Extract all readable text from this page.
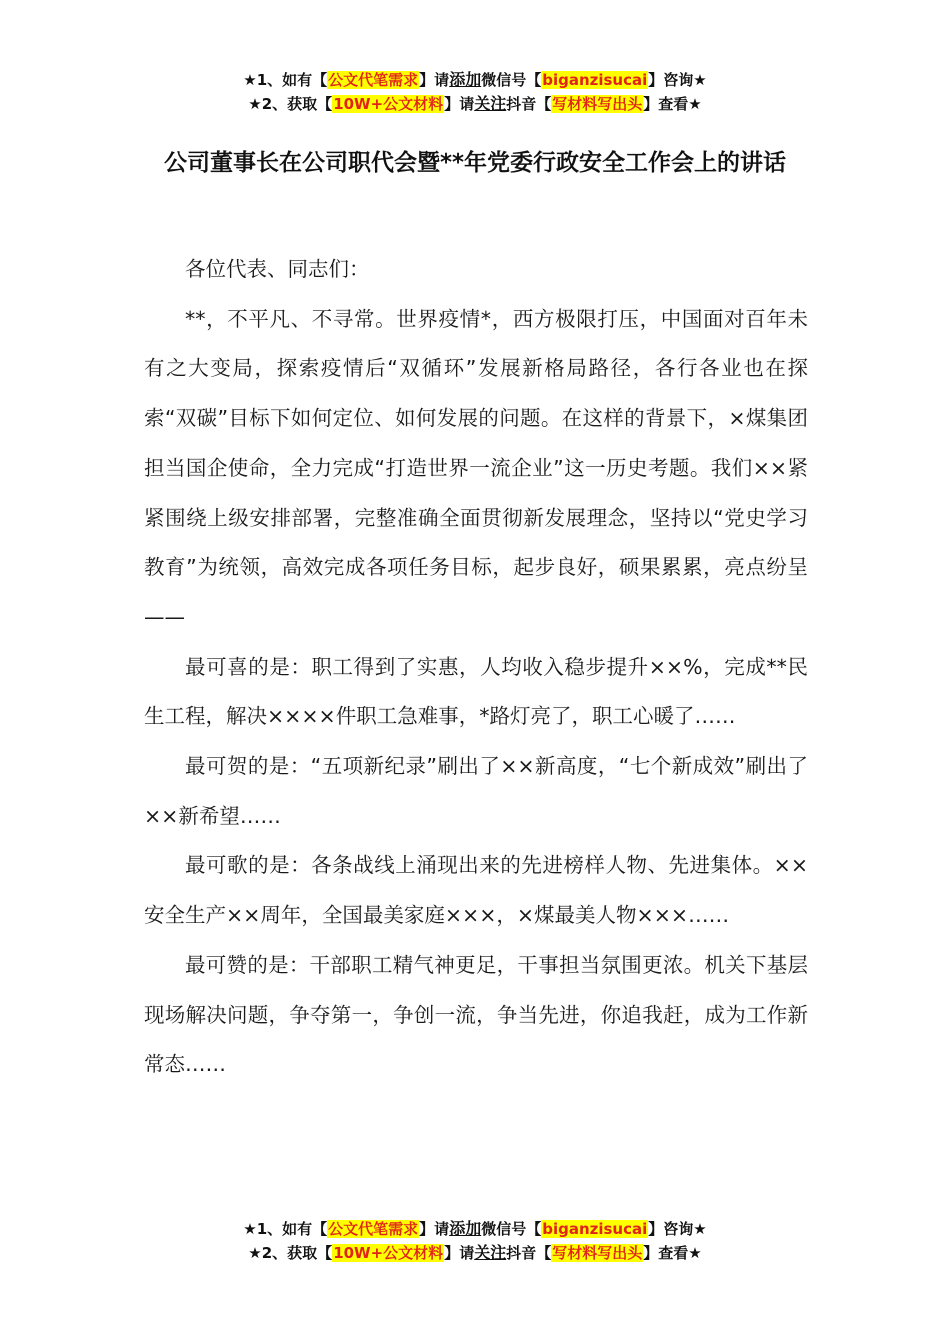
★1、如有【公文代笔需求】请添加微信号【biganzisucai】咨询★
★2、获取【10W+公文材料】请关注抖音【写材料写出头】查看★
公司董事长在公司职代会暨**年党委行政安全工作会上的讲话

各位代表、同志们：

**，不平凡、不寻常。世界疫情*，西方极限打压，中国面对百年未有之大变局，探索疫情后“双循环”发展新格局路径，各行各业也在探索“双碳”目标下如何定位、如何发展的问题。在这样的背景下，×煤集团担当国企使命，全力完成“打造世界一流企业”这一历史考题。我们××紧紧围绕上级安排部署，完整准确全面贯彻新发展理念，坚持以“党史学习教育”为统领，高效完成各项任务目标，起步良好，硕果累累，亮点纷呈——

最可喜的是：职工得到了实惠，人均收入稳步提升××%，完成**民生工程，解决××××件职工急难事，*路灯亮了，职工心暖了……

最可贺的是：“五项新纪录”刷出了××新高度，“七个新成效”刷出了××新希望……

最可歌的是：各条战线上涌现出来的先进榜样人物、先进集体。××安全生产××周年，全国最美家庭×××，×煤最美人物×××……

最可赞的是：干部职工精气神更足，干事担当氛围更浓。机关下基层现场解决问题，争夺第一，争创一流，争当先进，你追我赶，成为工作新常态……

★1、如有【公文代笔需求】请添加微信号【biganzisucai】咨询★
★2、获取【10W+公文材料】请关注抖音【写材料写出头】查看★
